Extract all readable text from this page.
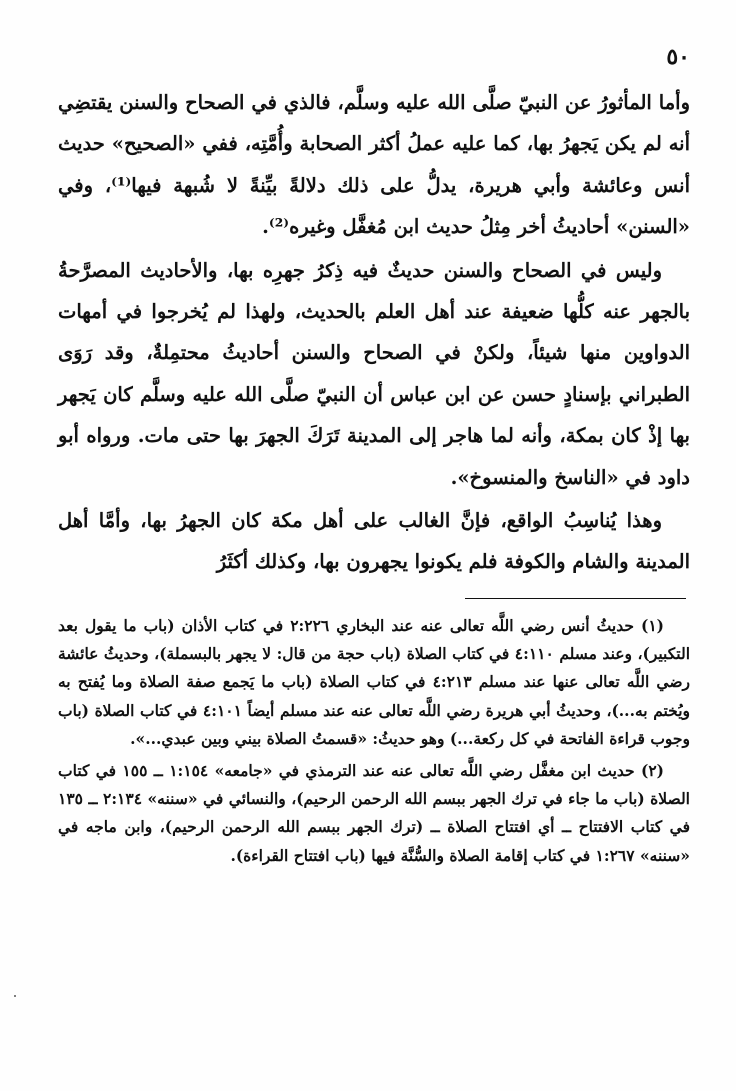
٥٠

وأما المأثورُ عن النبيّ صلَّى الله عليه وسلَّم، فالذي في الصحاح والسنن يقتضِي أنه لم يكن يَجهرُ بها، كما عليه عملُ أكثر الصحابة وأُمَّتِه، ففي «الصحيح» حديث أنس وعائشة وأبي هريرة، يدلُّ على ذلك دلالةً بيِّنةً لا شُبهة فيها⁽¹⁾، وفي «السنن» أحاديثُ أخر مِثلُ حديث ابن مُغفَّل وغيره⁽²⁾.

وليس في الصحاح والسنن حديثٌ فيه ذِكرُ جهرِه بها، والأحاديث المصرَّحةُ بالجهر عنه كلُّها ضعيفة عند أهل العلم بالحديث، ولهذا لم يُخرجوا في أمهات الدواوين منها شيئاً، ولكنْ في الصحاح والسنن أحاديثُ محتمِلةٌ، وقد رَوَى الطبراني بإسنادٍ حسن عن ابن عباس أن النبيّ صلَّى الله عليه وسلَّم كان يَجهر بها إذْ كان بمكة، وأنه لما هاجر إلى المدينة تَرَكَ الجهرَ بها حتى مات. ورواه أبو داود في «الناسخ والمنسوخ».

وهذا يُناسِبُ الواقع، فإنَّ الغالب على أهل مكة كان الجهرُ بها، وأمَّا أهل المدينة والشام والكوفة فلم يكونوا يجهرون بها، وكذلك أكثَرُ

(١) حديثُ أنس رضي اللَّه تعالى عنه عند البخاري ٢:٢٢٦ في كتاب الأذان (باب ما يقول بعد التكبير)، وعند مسلم ٤:١١٠ في كتاب الصلاة (باب حجة من قال: لا يجهر بالبسملة)، وحديثُ عائشة رضي اللَّه تعالى عنها عند مسلم ٤:٢١٣ في كتاب الصلاة (باب ما يَجمع صفة الصلاة وما يُفتح به ويُختم به...)، وحديثُ أبي هريرة رضي اللَّه تعالى عنه عند مسلم أيضاً ٤:١٠١ في كتاب الصلاة (باب وجوب قراءة الفاتحة في كل ركعة...) وهو حديثُ: «قسمتُ الصلاة بيني وبين عبدي...».

(٢) حديث ابن مغفَّل رضي اللَّه تعالى عنه عند الترمذي في «جامعه» ١:١٥٤ ــ ١٥٥ في كتاب الصلاة (باب ما جاء في ترك الجهر ببسم الله الرحمن الرحيم)، والنسائي في «سننه» ٢:١٣٤ ــ ١٣٥ في كتاب الافتتاح ــ أي افتتاح الصلاة ــ (ترك الجهر ببسم الله الرحمن الرحيم)، وابن ماجه في «سننه» ١:٢٦٧ في كتاب إقامة الصلاة والسُّنَّة فيها (باب افتتاح القراءة).
